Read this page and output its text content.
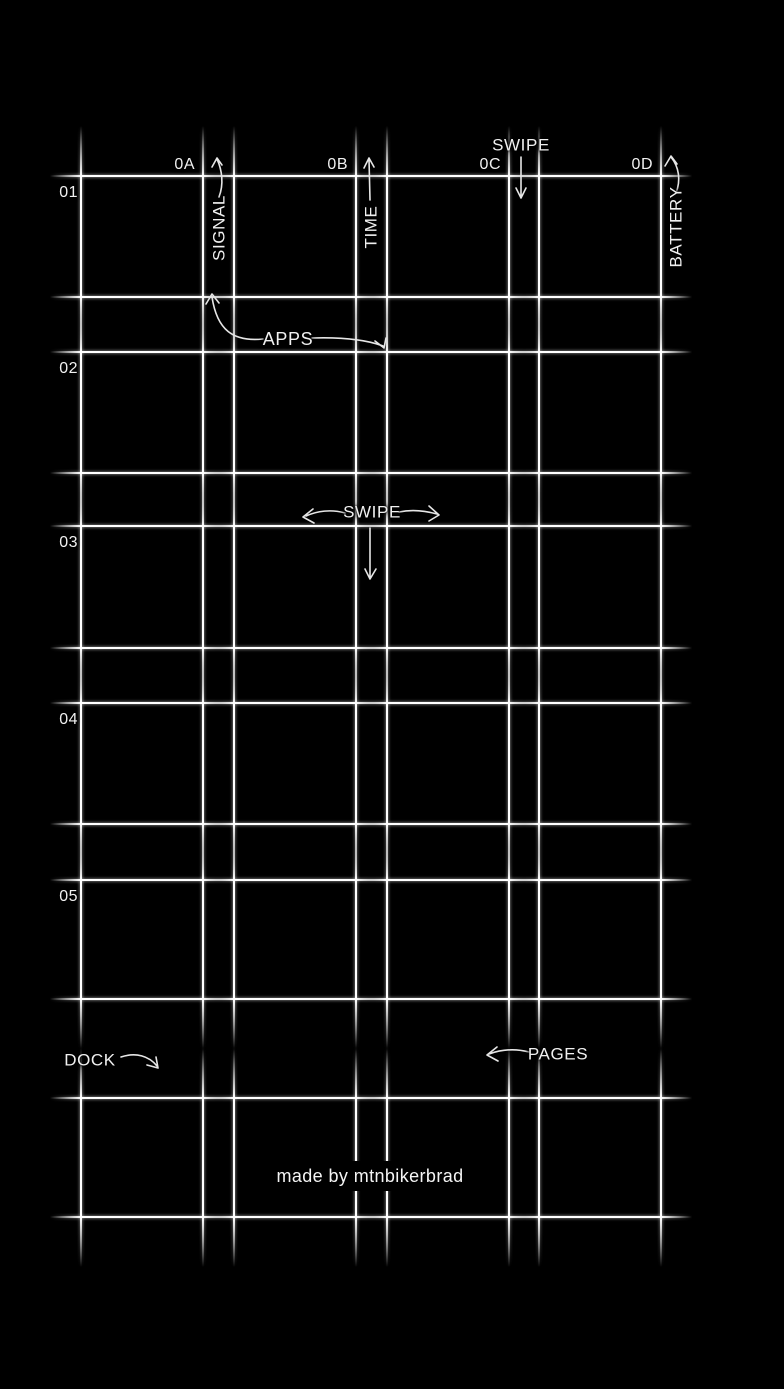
0A	0B	0C	0D
01
02
03
04
05
SIGNAL	TIME
SWIPE
BATTERY
APPS
SWIPE
DOCK	PAGES
made by mtnbikerbrad
